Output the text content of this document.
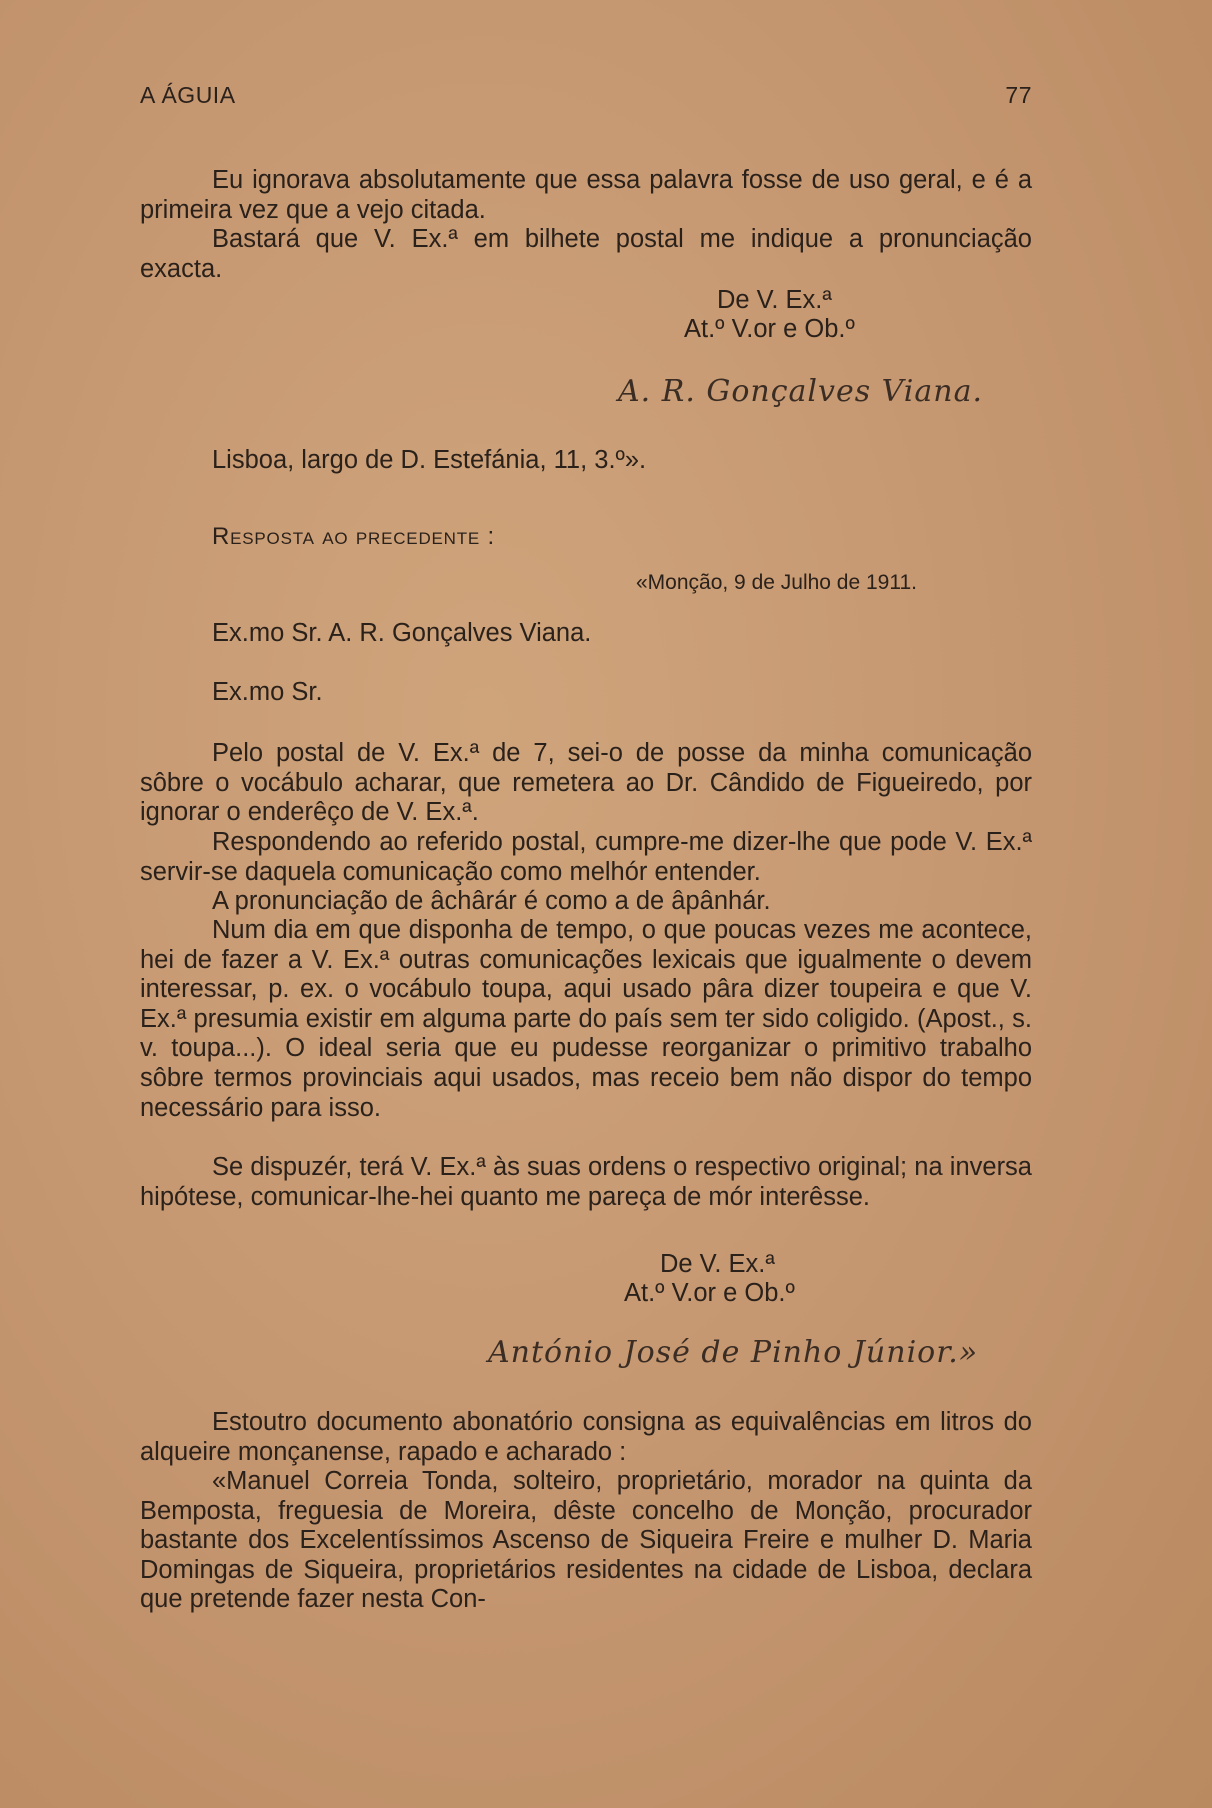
A ÁGUIA	77

Eu ignorava absolutamente que essa palavra fosse de uso geral, e é a primeira vez que a vejo citada.

Bastará que V. Ex.ª em bilhete postal me indique a pronunciação exacta.

De V. Ex.ª
At.º V.or e Ob.º
A. R. Gonçalves Viana.

Lisboa, largo de D. Estefánia, 11, 3.º».

Resposta ao precedente :
«Monção, 9 de Julho de 1911.
Ex.mo Sr. A. R. Gonçalves Viana.
Ex.mo Sr.

Pelo postal de V. Ex.ª de 7, sei-o de posse da minha comunicação sôbre o vocábulo acharar, que remetera ao Dr. Cândido de Figueiredo, por ignorar o enderêço de V. Ex.ª.

Respondendo ao referido postal, cumpre-me dizer-lhe que pode V. Ex.ª servir-se daquela comunicação como melhór entender.

A pronunciação de âchârár é como a de âpânhár.

Num dia em que disponha de tempo, o que poucas vezes me acontece, hei de fazer a V. Ex.ª outras comunicações lexicais que igualmente o devem interessar, p. ex. o vocábulo toupa, aqui usado pâra dizer toupeira e que V. Ex.ª presumia existir em alguma parte do país sem ter sido coligido. (Apost., s. v. toupa...). O ideal seria que eu pudesse reorganizar o primitivo trabalho sôbre termos provinciais aqui usados, mas receio bem não dispor do tempo necessário para isso.

Se dispuzér, terá V. Ex.ª às suas ordens o respectivo original; na inversa hipótese, comunicar-lhe-hei quanto me pareça de mór interêsse.

De V. Ex.ª
At.º V.or e Ob.º
António José de Pinho Júnior.»

Estoutro documento abonatório consigna as equivalências em litros do alqueire monçanense, rapado e acharado :

«Manuel Correia Tonda, solteiro, proprietário, morador na quinta da Bemposta, freguesia de Moreira, dêste concelho de Monção, procurador bastante dos Excelentíssimos Ascenso de Siqueira Freire e mulher D. Maria Domingas de Siqueira, proprietários residentes na cidade de Lisboa, declara que pretende fazer nesta Con-
